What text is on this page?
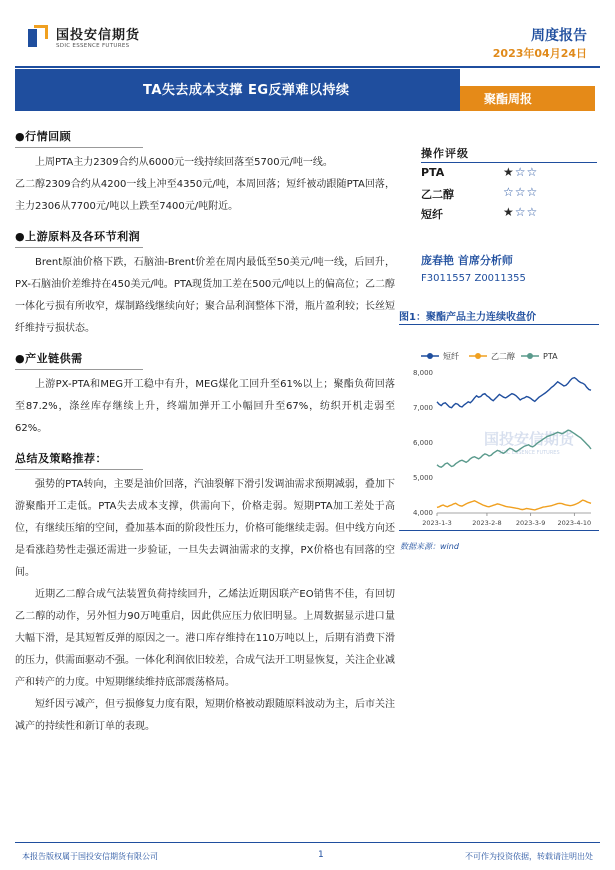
国投安信期货
SDIC ESSENCE FUTURES
周度报告
2023年04月24日
TA失去成本支撑 EG反弹难以持续
聚酯周报
●行情回顾

上周PTA主力2309合约从6000元一线持续回落至5700元/吨一线。

乙二醇2309合约从4200一线上冲至4350元/吨，本周回落；短纤被动跟随PTA回落，主力2306从7700元/吨以上跌至7400元/吨附近。

●上游原料及各环节利润

Brent原油价格下跌，石脑油-Brent价差在周内最低至50美元/吨一线，后回升，PX-石脑油价差维持在450美元/吨。PTA现货加工差在500元/吨以上的偏高位；乙二醇一体化亏损有所收窄，煤制路线继续向好；聚合品利润整体下滑，瓶片盈利较；长丝短纤维持亏损状态。

●产业链供需

上游PX-PTA和MEG开工稳中有升，MEG煤化工回升至61%以上；聚酯负荷回落至87.2%，涤丝库存继续上升，终端加弹开工小幅回升至67%，纺织开机走弱至62%。

总结及策略推荐：

强势的PTA转向，主要是油价回落，汽油裂解下滑引发调油需求预期减弱，叠加下游聚酯开工走低。PTA失去成本支撑，供需向下，价格走弱。短期PTA加工差处于高位，有继续压缩的空间，叠加基本面的阶段性压力，价格可能继续走弱。但中线方向还是看涨趋势性走强还需进一步验证，一旦失去调油需求的支撑，PX价格也有回落的空间。

近期乙二醇合成气法装置负荷持续回升，乙烯法近期因联产EO销售不佳，有回切乙二醇的动作，另外恒力90万吨重启，因此供应压力依旧明显。上周数据显示进口量大幅下滑，是其短暂反弹的原因之一。港口库存维持在110万吨以上，后期有消费下滑的压力，供需面驱动不强。一体化利润依旧较差，合成气法开工明显恢复，关注企业减产和转产的力度。中短期继续维持底部震荡格局。

短纤因亏减产，但亏损修复力度有限，短期价格被动跟随原料波动为主，后市关注减产的持续性和新订单的表现。

操作评级
PTA	★☆☆
乙二醇	☆☆☆
短纤	★☆☆
庞春艳 首席分析师
F3011557 Z0011355
图1：聚酯产品主力连续收盘价
短纤	乙二醇	PTA
8,000
7,000
6,000
5,000
4,000
国投安信期货
SDIC ESSENCE FUTURES
2023-1-3	2023-2-8 2023-3-9 2023-4-10
数据来源：wind
本报告版权属于国投安信期货有限公司	1	不可作为投资依据，转载请注明出处
